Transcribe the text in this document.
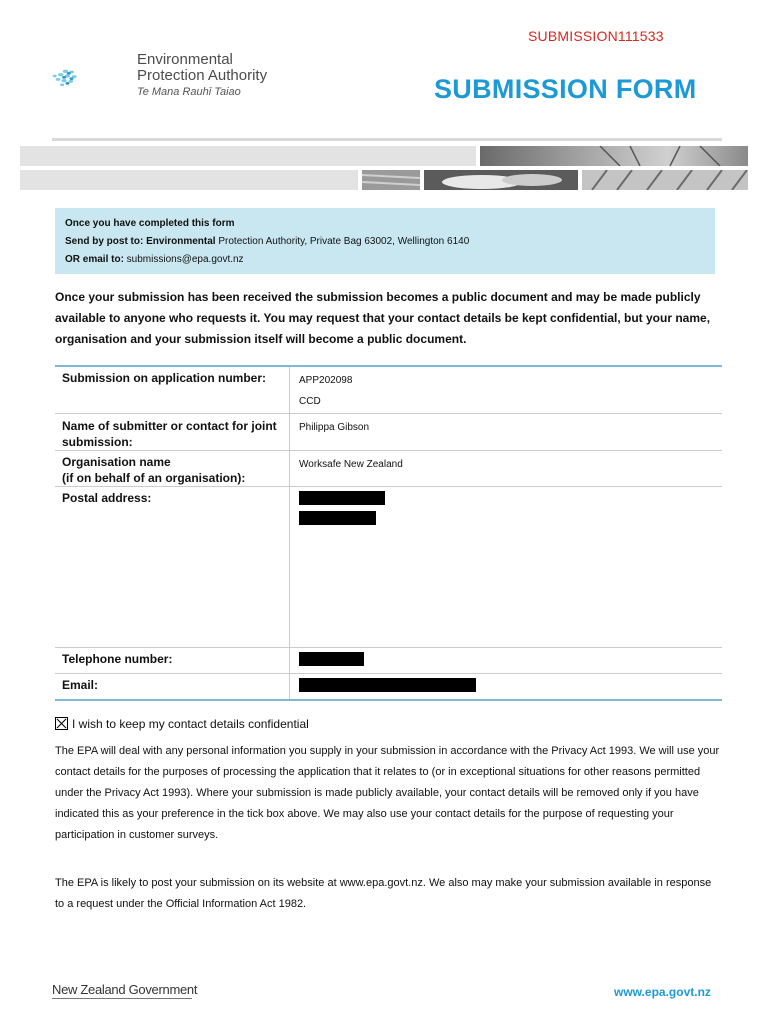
SUBMISSION111533
Environmental
Protection Authority
Te Mana Rauhī Taiao	SUBMISSION FORM
Once you have completed this form
Send by post to: Environmental Protection Authority, Private Bag 63002, Wellington 6140
OR email to: submissions@epa.govt.nz
Once your submission has been received the submission becomes a public document and may be made publicly available to anyone who requests it. You may request that your contact details be kept confidential, but your name, organisation and your submission itself will become a public document.
Submission on application number:	APP202098
CCD

Name of submitter or contact for joint submission:	Philippa Gibson

Organisation name
(if on behalf of an organisation):	Worksafe New Zealand
Postal address:	

Telephone number:	

Email:	
I wish to keep my contact details confidential
The EPA will deal with any personal information you supply in your submission in accordance with the Privacy Act 1993. We will use your contact details for the purposes of processing the application that it relates to (or in exceptional situations for other reasons permitted under the Privacy Act 1993). Where your submission is made publicly available, your contact details will be removed only if you have indicated this as your preference in the tick box above. We may also use your contact details for the purpose of requesting your participation in customer surveys.
The EPA is likely to post your submission on its website at www.epa.govt.nz. We also may make your submission available in response to a request under the Official Information Act 1982.
New Zealand Government	www.epa.govt.nz
